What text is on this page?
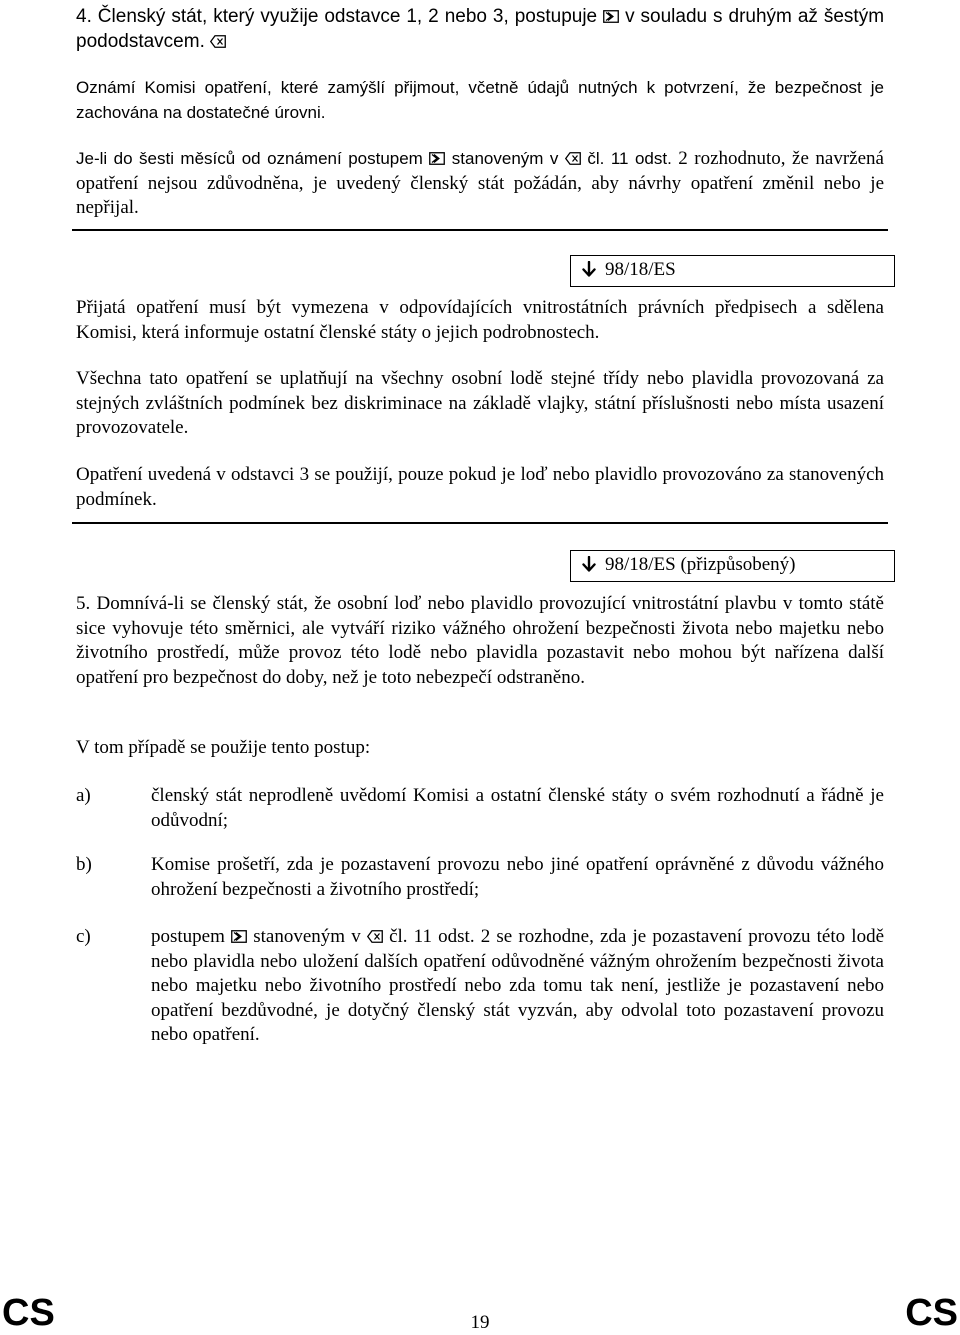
4. Členský stát, který využije odstavce 1, 2 nebo 3, postupuje v souladu s druhým až šestým pododstavcem.

Oznámí Komisi opatření, které zamýšlí přijmout, včetně údajů nutných k potvrzení, že bezpečnost je zachována na dostatečné úrovni.

Je-li do šesti měsíců od oznámení postupem stanoveným v čl. 11 odst. 2 rozhodnuto, že navržená opatření nejsou zdůvodněna, je uvedený členský stát požádán, aby návrhy opatření změnil nebo je nepřijal.

98/18/ES

Přijatá opatření musí být vymezena v odpovídajících vnitrostátních právních předpisech a sdělena Komisi, která informuje ostatní členské státy o jejich podrobnostech.

Všechna tato opatření se uplatňují na všechny osobní lodě stejné třídy nebo plavidla provozovaná za stejných zvláštních podmínek bez diskriminace na základě vlajky, státní příslušnosti nebo místa usazení provozovatele.

Opatření uvedená v odstavci 3 se použijí, pouze pokud je loď nebo plavidlo provozováno za stanovených podmínek.

98/18/ES (přizpůsobený)

5. Domnívá-li se členský stát, že osobní loď nebo plavidlo provozující vnitrostátní plavbu v tomto státě sice vyhovuje této směrnici, ale vytváří riziko vážného ohrožení bezpečnosti života nebo majetku nebo životního prostředí, může provoz této lodě nebo plavidla pozastavit nebo mohou být nařízena další opatření pro bezpečnost do doby, než je toto nebezpečí odstraněno.

V tom případě se použije tento postup:

a)	členský stát neprodleně uvědomí Komisi a ostatní členské státy o svém rozhodnutí a řádně je odůvodní;

b)	Komise prošetří, zda je pozastavení provozu nebo jiné opatření oprávněné z důvodu vážného ohrožení bezpečnosti a životního prostředí;

c)	postupem stanoveným v čl. 11 odst. 2 se rozhodne, zda je pozastavení provozu této lodě nebo plavidla nebo uložení dalších opatření odůvodněné vážným ohrožením bezpečnosti života nebo majetku nebo životního prostředí nebo zda tomu tak není, jestliže je pozastavení nebo opatření bezdůvodné, je dotyčný členský stát vyzván, aby odvolal toto pozastavení provozu nebo opatření.

CS	19	CS
